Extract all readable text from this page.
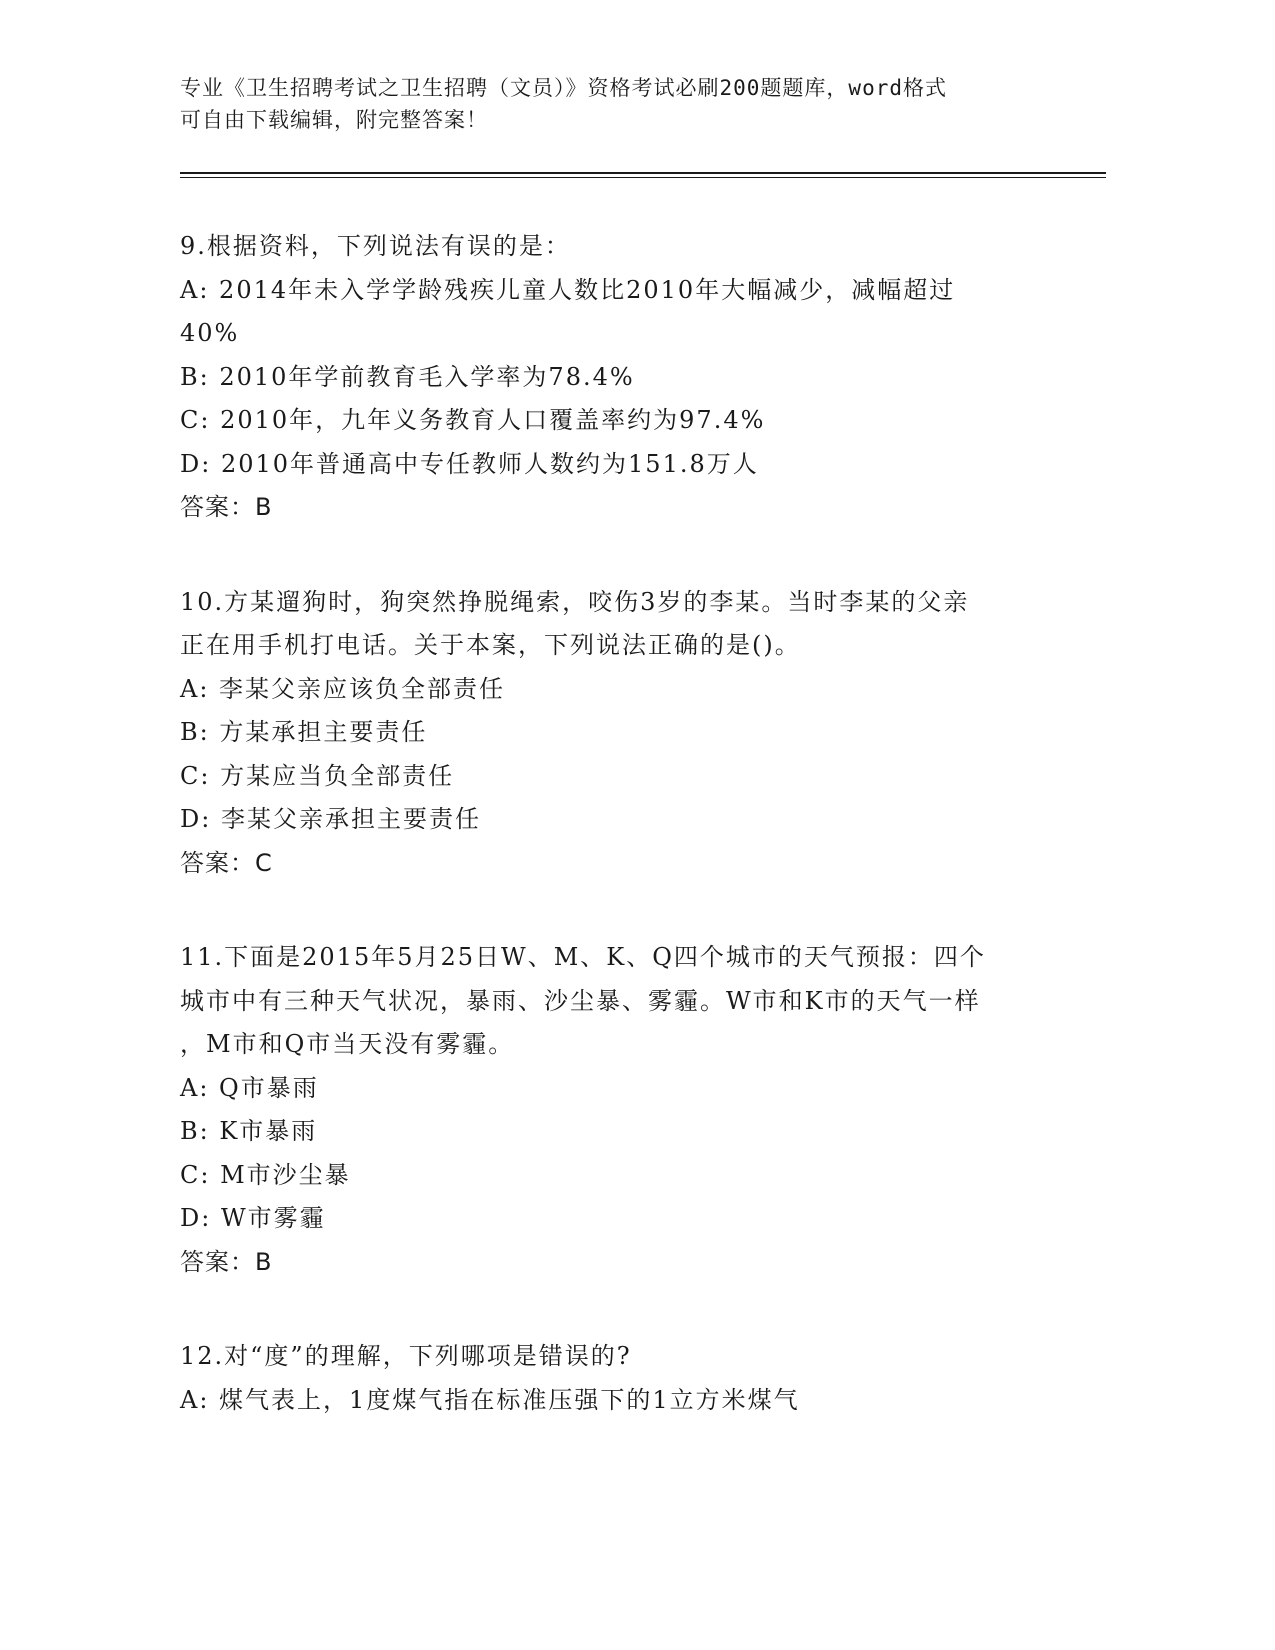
专业《卫生招聘考试之卫生招聘（文员）》资格考试必刷200题题库，word格式
可自由下载编辑，附完整答案！
9.根据资料，下列说法有误的是：
A: 2014年未入学学龄残疾儿童人数比2010年大幅减少，减幅超过
40%
B: 2010年学前教育毛入学率为78.4%
C: 2010年，九年义务教育人口覆盖率约为97.4%
D: 2010年普通高中专任教师人数约为151.8万人
答案：B
10.方某遛狗时，狗突然挣脱绳索，咬伤3岁的李某。当时李某的父亲
正在用手机打电话。关于本案，下列说法正确的是()。
A: 李某父亲应该负全部责任
B: 方某承担主要责任
C: 方某应当负全部责任
D: 李某父亲承担主要责任
答案：C
11.下面是2015年5月25日W、M、K、Q四个城市的天气预报：四个
城市中有三种天气状况，暴雨、沙尘暴、雾霾。W市和K市的天气一样
，M市和Q市当天没有雾霾。
A: Q市暴雨
B: K市暴雨
C: M市沙尘暴
D: W市雾霾
答案：B
12.对“度”的理解，下列哪项是错误的?
A: 煤气表上，1度煤气指在标准压强下的1立方米煤气
